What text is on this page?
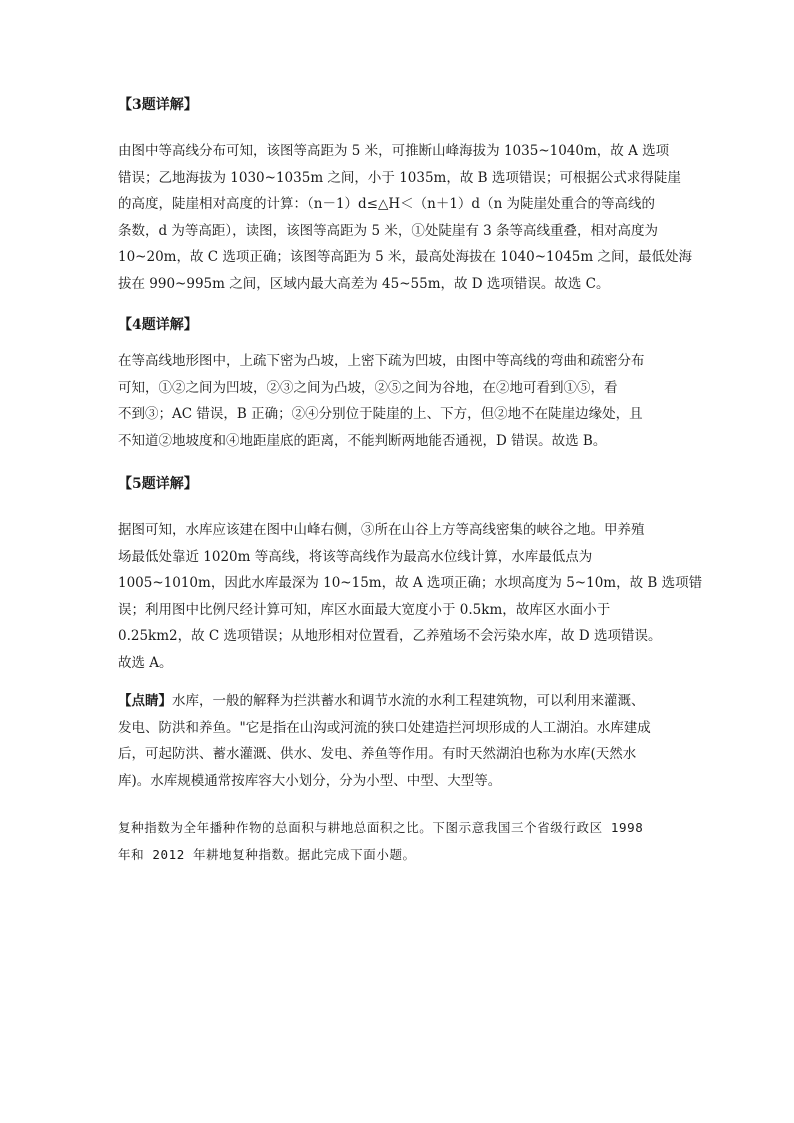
【3题详解】
由图中等高线分布可知，该图等高距为 5 米，可推断山峰海拔为 1035~1040m，故 A 选项
错误；乙地海拔为 1030~1035m 之间，小于 1035m，故 B 选项错误；可根据公式求得陡崖
的高度，陡崖相对高度的计算：（n－1）d≤△H＜（n＋1）d（n 为陡崖处重合的等高线的
条数，d 为等高距），读图，该图等高距为 5 米，①处陡崖有 3 条等高线重叠，相对高度为
10~20m，故 C 选项正确；该图等高距为 5 米，最高处海拔在 1040~1045m 之间，最低处海
拔在 990~995m 之间，区域内最大高差为 45~55m，故 D 选项错误。故选 C。
【4题详解】
在等高线地形图中，上疏下密为凸坡，上密下疏为凹坡，由图中等高线的弯曲和疏密分布
可知，①②之间为凹坡，②③之间为凸坡，②⑤之间为谷地，在②地可看到①⑤，看
不到③；AC 错误，B 正确；②④分别位于陡崖的上、下方，但②地不在陡崖边缘处，且
不知道②地坡度和④地距崖底的距离，不能判断两地能否通视，D 错误。故选 B。
【5题详解】
据图可知，水库应该建在图中山峰右侧，③所在山谷上方等高线密集的峡谷之地。甲养殖
场最低处靠近 1020m 等高线，将该等高线作为最高水位线计算，水库最低点为
1005~1010m，因此水库最深为 10~15m，故 A 选项正确；水坝高度为 5~10m，故 B 选项错
误；利用图中比例尺经计算可知，库区水面最大宽度小于 0.5km，故库区水面小于
0.25km2，故 C 选项错误；从地形相对位置看，乙养殖场不会污染水库，故 D 选项错误。
故选 A。
【点睛】水库，一般的解释为拦洪蓄水和调节水流的水利工程建筑物，可以利用来灌溉、
发电、防洪和养鱼。"它是指在山沟或河流的狭口处建造拦河坝形成的人工湖泊。水库建成
后，可起防洪、蓄水灌溉、供水、发电、养鱼等作用。有时天然湖泊也称为水库(天然水
库)。水库规模通常按库容大小划分，分为小型、中型、大型等。
复种指数为全年播种作物的总面积与耕地总面积之比。下图示意我国三个省级行政区 1998
年和 2012 年耕地复种指数。据此完成下面小题。
